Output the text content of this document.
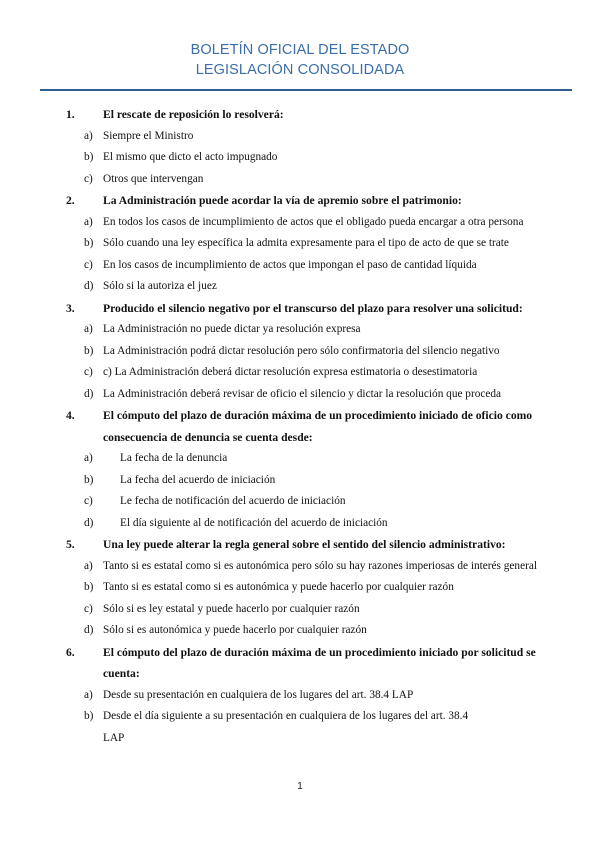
BOLETÍN OFICIAL DEL ESTADO
LEGISLACIÓN CONSOLIDADA
1. El rescate de reposición lo resolverá:
a) Siempre el Ministro
b) El mismo que dicto el acto impugnado
c) Otros que intervengan
2. La Administración puede acordar la vía de apremio sobre el patrimonio:
a) En todos los casos de incumplimiento de actos que el obligado pueda encargar a otra persona
b) Sólo cuando una ley específica la admita expresamente para el tipo de acto de que se trate
c) En los casos de incumplimiento de actos que impongan el paso de cantidad líquida
d) Sólo si la autoriza el juez
3. Producido el silencio negativo por el transcurso del plazo para resolver una solicitud:
a) La Administración no puede dictar ya resolución expresa
b) La Administración podrá dictar resolución pero sólo confirmatoria del silencio negativo
c) c) La Administración deberá dictar resolución expresa estimatoria o desestimatoria
d) La Administración deberá revisar de oficio el silencio y dictar la resolución que proceda
4. El cómputo del plazo de duración máxima de un procedimiento iniciado de oficio como consecuencia de denuncia se cuenta desde:
a) La fecha de la denuncia
b) La fecha del acuerdo de iniciación
c) Le fecha de notificación del acuerdo de iniciación
d) El día siguiente al de notificación del acuerdo de iniciación
5. Una ley puede alterar la regla general sobre el sentido del silencio administrativo:
a) Tanto si es estatal como si es autonómica pero sólo su hay razones imperiosas de interés general
b) Tanto si es estatal como si es autonómica y puede hacerlo por cualquier razón
c) Sólo si es ley estatal y puede hacerlo por cualquier razón
d) Sólo si es autonómica y puede hacerlo por cualquier razón
6. El cómputo del plazo de duración máxima de un procedimiento iniciado por solicitud se cuenta:
a) Desde su presentación en cualquiera de los lugares del art. 38.4 LAP
b) Desde el día siguiente a su presentación en cualquiera de los lugares del art. 38.4 LAP
1
